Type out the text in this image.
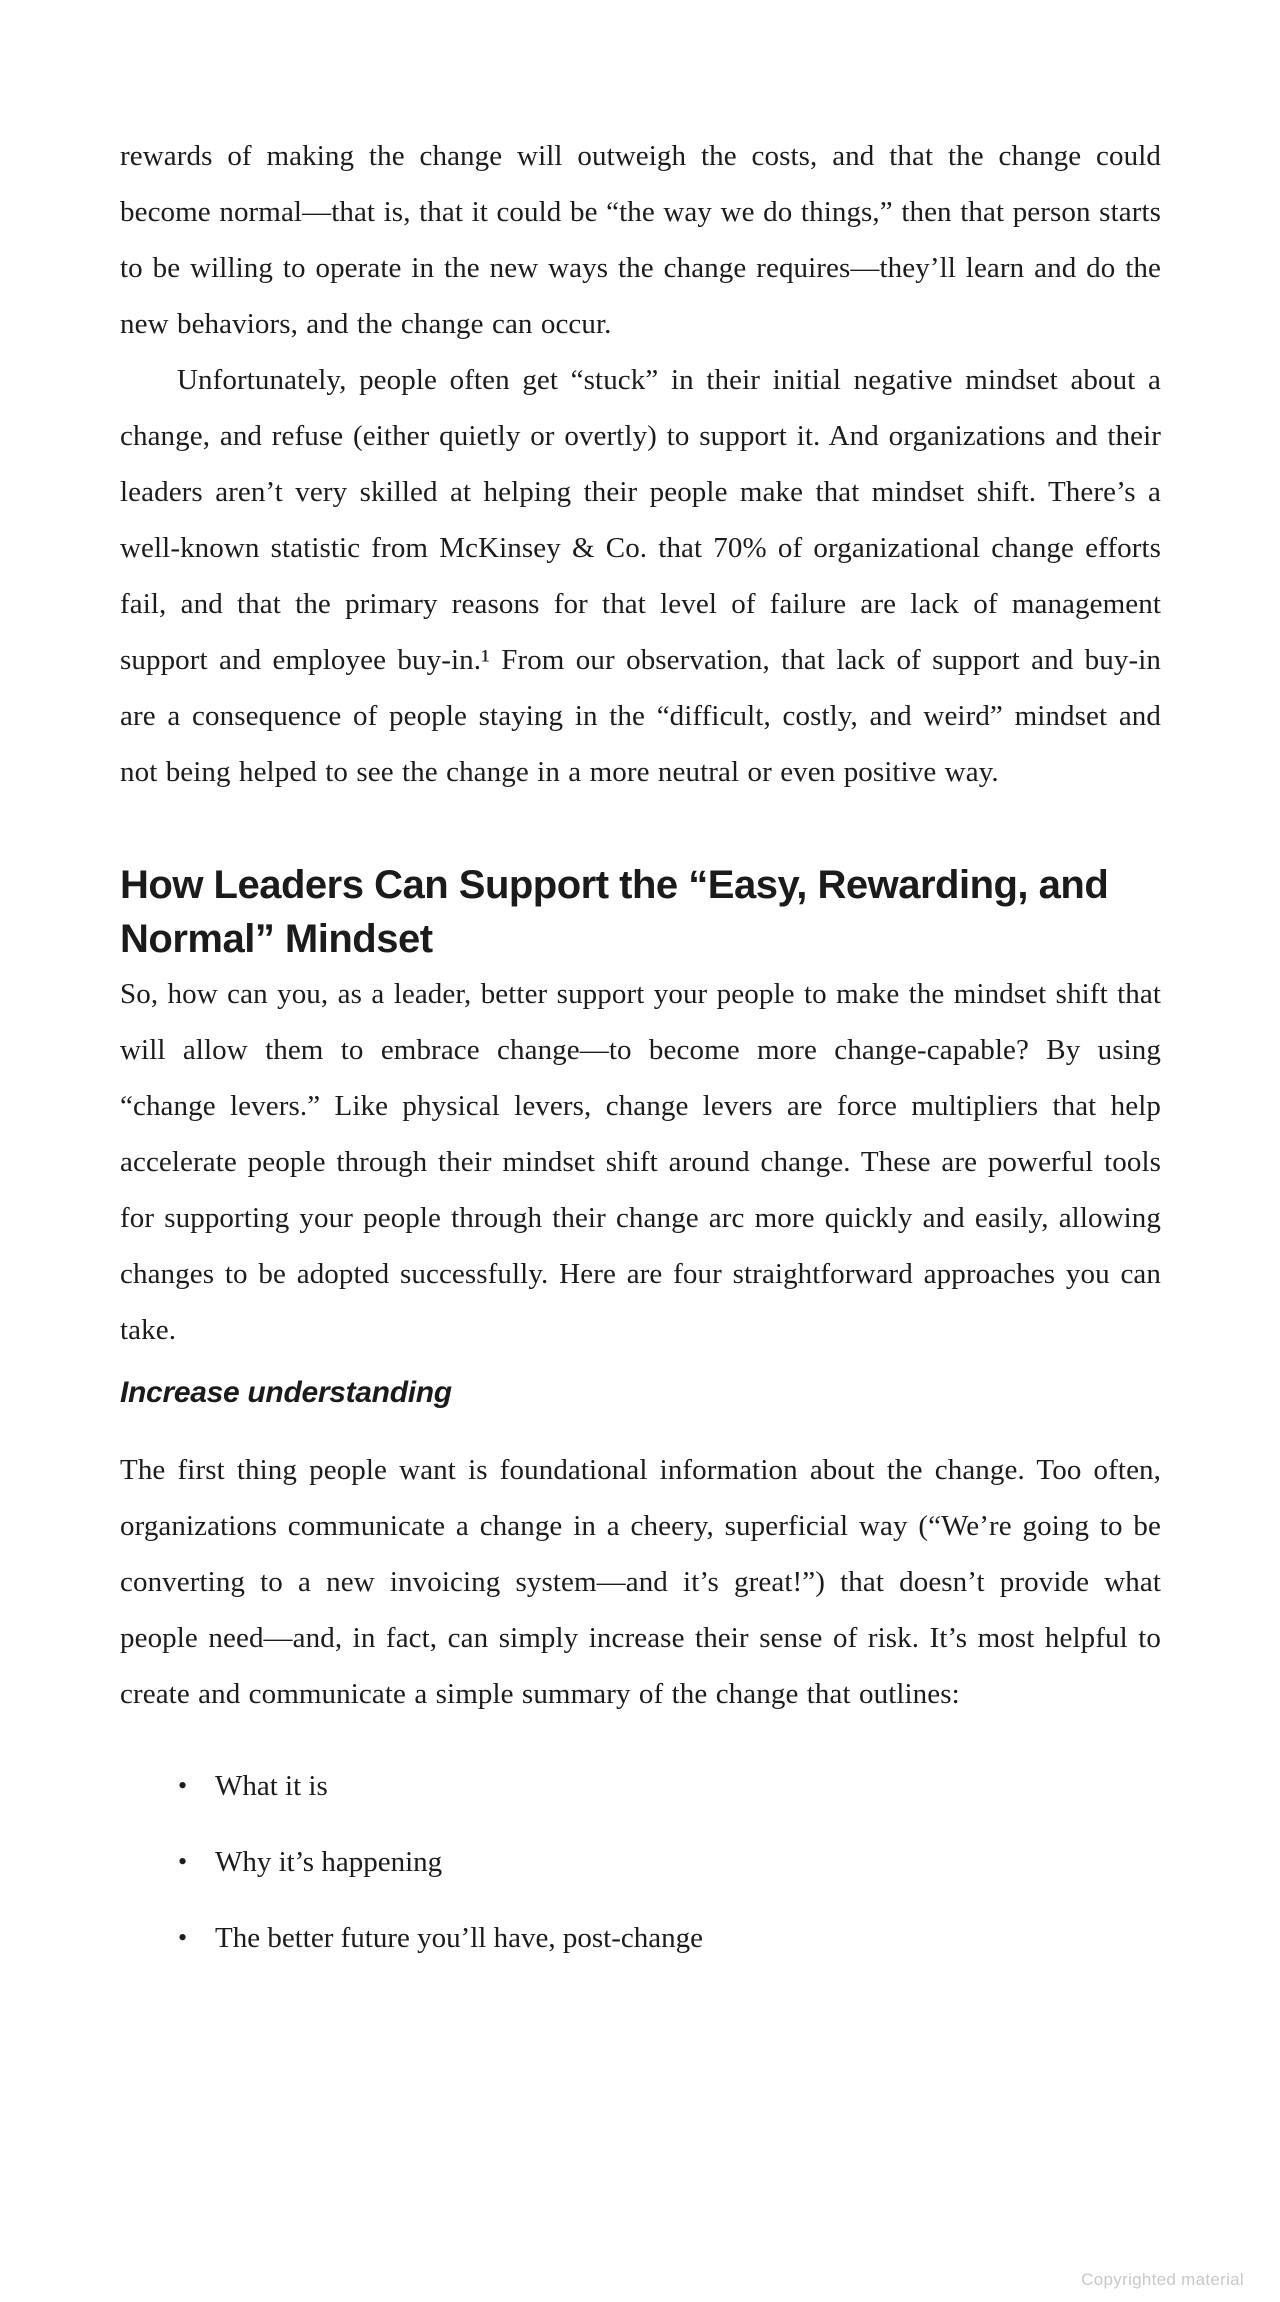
rewards of making the change will outweigh the costs, and that the change could become normal—that is, that it could be “the way we do things,” then that person starts to be willing to operate in the new ways the change requires—they’ll learn and do the new behaviors, and the change can occur.

Unfortunately, people often get “stuck” in their initial negative mindset about a change, and refuse (either quietly or overtly) to support it. And organizations and their leaders aren’t very skilled at helping their people make that mindset shift. There’s a well-known statistic from McKinsey & Co. that 70% of organizational change efforts fail, and that the primary reasons for that level of failure are lack of management support and employee buy-in.¹ From our observation, that lack of support and buy-in are a consequence of people staying in the “difficult, costly, and weird” mindset and not being helped to see the change in a more neutral or even positive way.

How Leaders Can Support the “Easy, Rewarding, and
Normal” Mindset

So, how can you, as a leader, better support your people to make the mindset shift that will allow them to embrace change—to become more change-capable? By using “change levers.” Like physical levers, change levers are force multipliers that help accelerate people through their mindset shift around change. These are powerful tools for supporting your people through their change arc more quickly and easily, allowing changes to be adopted successfully. Here are four straightforward approaches you can take.

Increase understanding

The first thing people want is foundational information about the change. Too often, organizations communicate a change in a cheery, superficial way (“We’re going to be converting to a new invoicing system—and it’s great!”) that doesn’t provide what people need—and, in fact, can simply increase their sense of risk. It’s most helpful to create and communicate a simple summary of the change that outlines:

• What it is
• Why it’s happening
• The better future you’ll have, post-change
Copyrighted material
